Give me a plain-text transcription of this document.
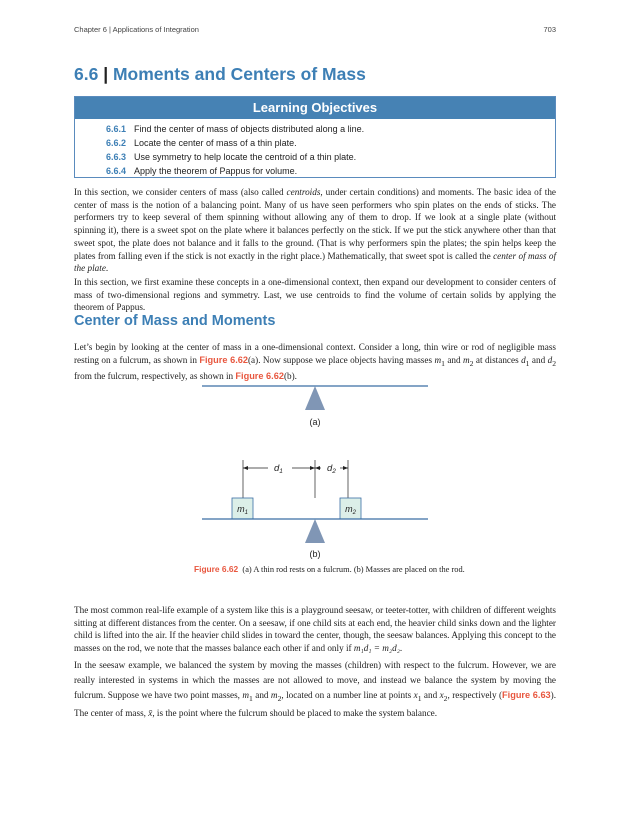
Chapter 6 | Applications of Integration	703
6.6 | Moments and Centers of Mass
Learning Objectives
6.6.1 Find the center of mass of objects distributed along a line.
6.6.2 Locate the center of mass of a thin plate.
6.6.3 Use symmetry to help locate the centroid of a thin plate.
6.6.4 Apply the theorem of Pappus for volume.

In this section, we consider centers of mass (also called centroids, under certain conditions) and moments. The basic idea of the center of mass is the notion of a balancing point. Many of us have seen performers who spin plates on the ends of sticks. The performers try to keep several of them spinning without allowing any of them to drop. If we look at a single plate (without spinning it), there is a sweet spot on the plate where it balances perfectly on the stick. If we put the stick anywhere other than that sweet spot, the plate does not balance and it falls to the ground. (That is why performers spin the plates; the spin helps keep the plates from falling even if the stick is not exactly in the right place.) Mathematically, that sweet spot is called the center of mass of the plate.

In this section, we first examine these concepts in a one-dimensional context, then expand our development to consider centers of mass of two-dimensional regions and symmetry. Last, we use centroids to find the volume of certain solids by applying the theorem of Pappus.

Center of Mass and Moments

Let’s begin by looking at the center of mass in a one-dimensional context. Consider a long, thin wire or rod of negligible mass resting on a fulcrum, as shown in Figure 6.62(a). Now suppose we place objects having masses $m_1$ and $m_2$ at distances $d_1$ and $d_2$ from the fulcrum, respectively, as shown in Figure 6.62(b).

(a)
$d_1$	$d_2$
$m_1$	$m_2$
(b)

Figure 6.62 (a) A thin rod rests on a fulcrum. (b) Masses are placed on the rod.

The most common real-life example of a system like this is a playground seesaw, or teeter-totter, with children of different weights sitting at different distances from the center. On a seesaw, if one child sits at each end, the heavier child sinks down and the lighter child is lifted into the air. If the heavier child slides in toward the center, though, the seesaw balances. Applying this concept to the masses on the rod, we note that the masses balance each other if and only if m₁d₁ = m₂d₂.

In the seesaw example, we balanced the system by moving the masses (children) with respect to the fulcrum. However, we are really interested in systems in which the masses are not allowed to move, and instead we balance the system by moving the fulcrum. Suppose we have two point masses, $m_1$ and $m_2$, located on a number line at points $x_1$ and $x_2$, respectively (Figure 6.63). The center of mass, x̄, is the point where the fulcrum should be placed to make the system balance.
